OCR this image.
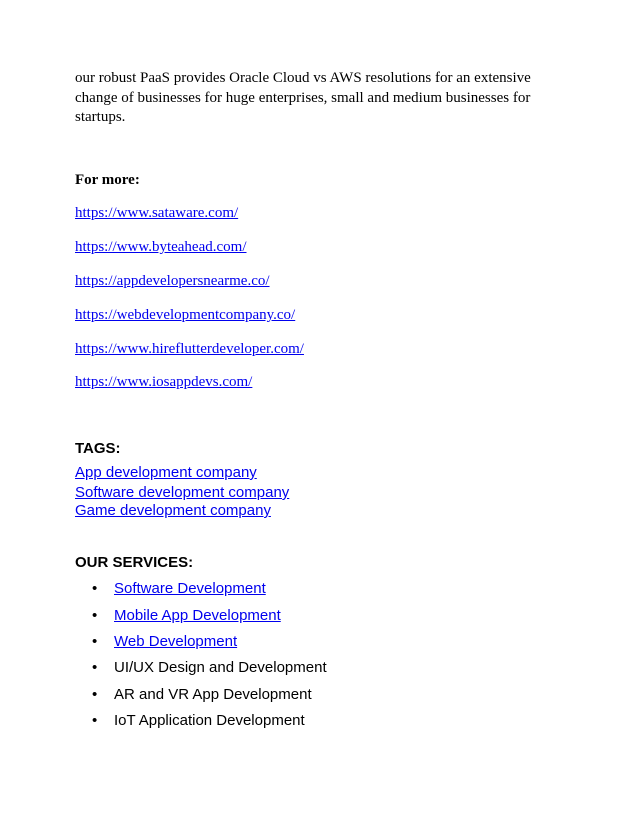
our robust PaaS provides Oracle Cloud vs AWS resolutions for an extensive
change of businesses for huge enterprises, small and medium businesses for
startups.

For more:

https://www.sataware.com/

https://www.byteahead.com/

https://appdevelopersnearme.co/

https://webdevelopmentcompany.co/

https://www.hireflutterdeveloper.com/

https://www.iosappdevs.com/

TAGS:

App development company

Software development company

Game development company

OUR SERVICES:

• Software Development

• Mobile App Development

• Web Development

• UI/UX Design and Development

• AR and VR App Development

• IoT Application Development
